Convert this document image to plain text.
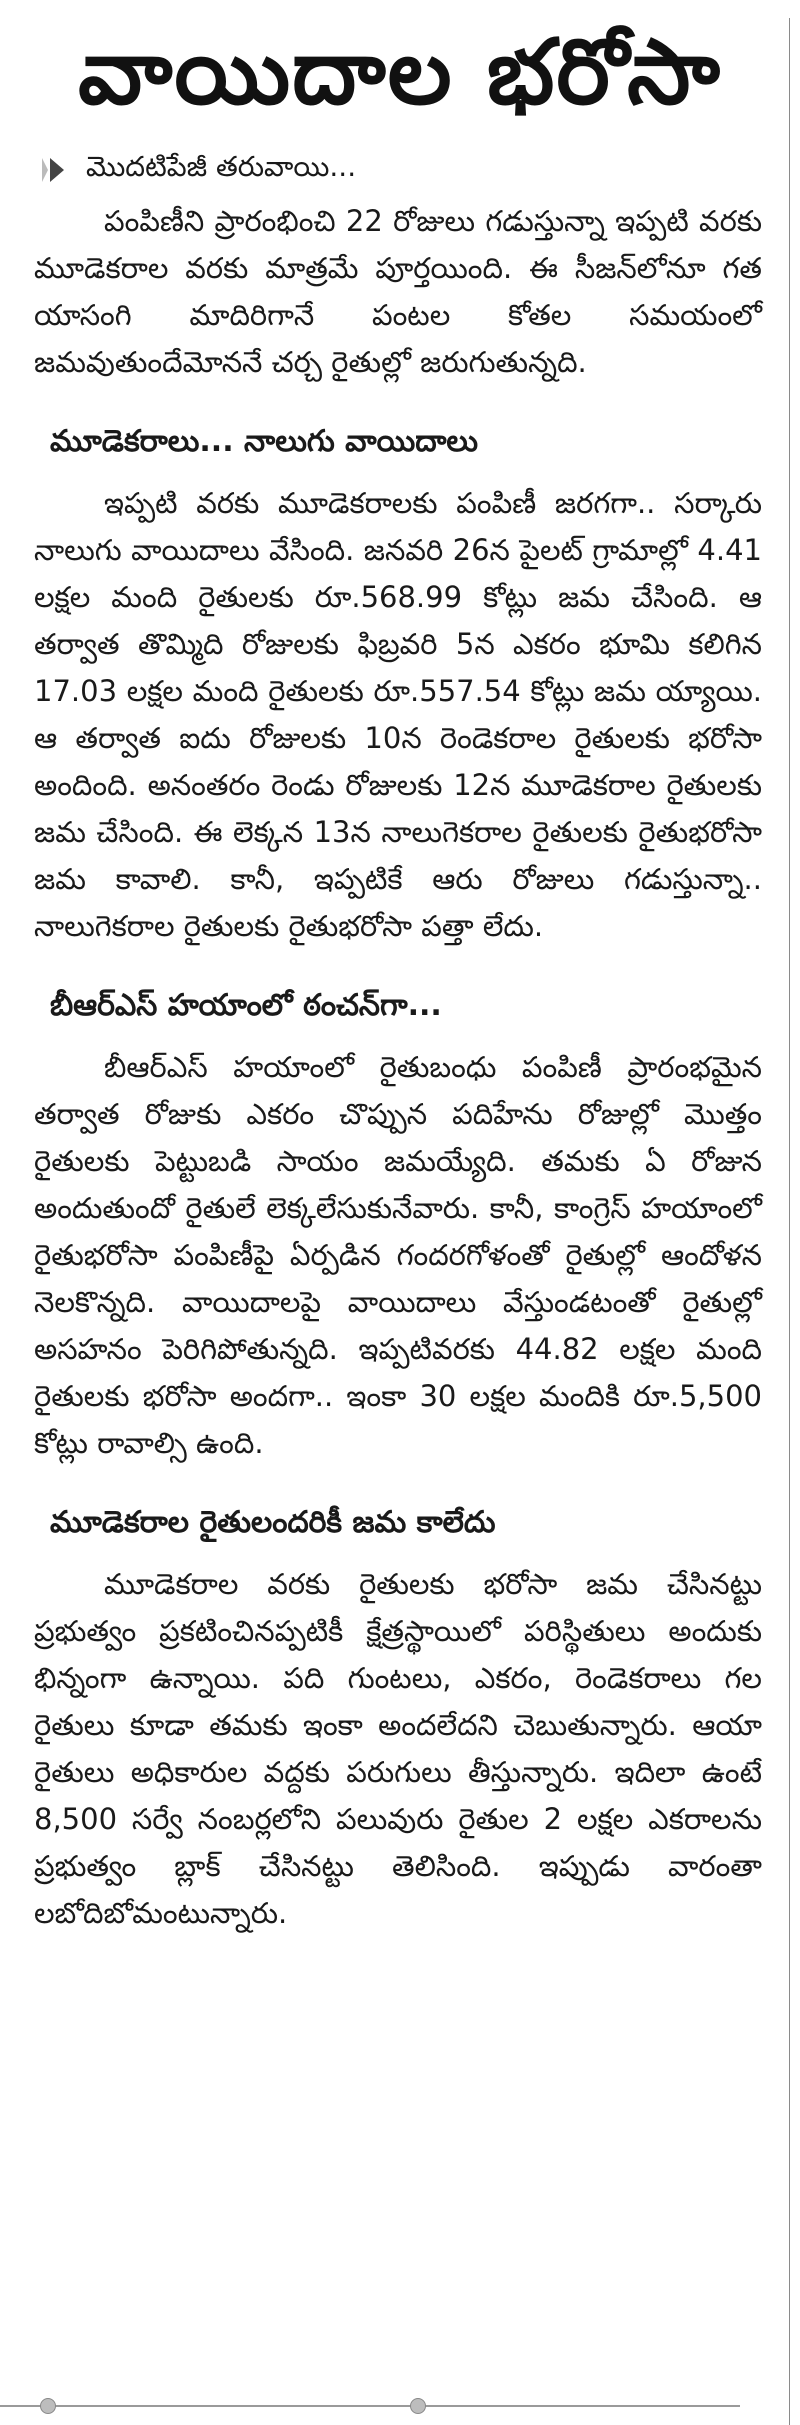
వాయిదాల భరోసా
మొదటిపేజీ తరువాయి...

పంపిణీని ప్రారంభించి 22 రోజులు గడుస్తున్నా ఇప్పటి వరకు మూడెకరాల వరకు మాత్రమే పూర్తయింది. ఈ సీజన్‌లోనూ గత యాసంగి మాదిరిగానే పంటల కోతల సమయంలో జమవుతుందేమోననే చర్చ రైతుల్లో జరుగుతున్నది.

మూడెకరాలు... నాలుగు వాయిదాలు

ఇప్పటి వరకు మూడెకరాలకు పంపిణీ జరగగా.. సర్కారు నాలుగు వాయిదాలు వేసింది. జనవరి 26న పైలట్ గ్రామాల్లో 4.41 లక్షల మంది రైతులకు రూ.568.99 కోట్లు జమ చేసింది. ఆ తర్వాత తొమ్మిది రోజులకు ఫిబ్రవరి 5న ఎకరం భూమి కలిగిన 17.03 లక్షల మంది రైతులకు రూ.557.54 కోట్లు జమ య్యాయి. ఆ తర్వాత ఐదు రోజులకు 10న రెండెకరాల రైతులకు భరోసా అందింది. అనంతరం రెండు రోజులకు 12న మూడెకరాల రైతులకు జమ చేసింది. ఈ లెక్కన 13న నాలుగెకరాల రైతులకు రైతుభరోసా జమ కావాలి. కానీ, ఇప్పటికే ఆరు రోజులు గడుస్తున్నా.. నాలుగెకరాల రైతులకు రైతుభరోసా పత్తా లేదు.

బీఆర్ఎస్ హయాంలో ఠంచన్‌గా...

బీఆర్ఎస్ హయాంలో రైతుబంధు పంపిణీ ప్రారంభమైన తర్వాత రోజుకు ఎకరం చొప్పున పదిహేను రోజుల్లో మొత్తం రైతులకు పెట్టుబడి సాయం జమయ్యేది. తమకు ఏ రోజున అందుతుందో రైతులే లెక్కలేసుకునేవారు. కానీ, కాంగ్రెస్ హయాంలో రైతుభరోసా పంపిణీపై ఏర్పడిన గందరగోళంతో రైతుల్లో ఆందోళన నెలకొన్నది. వాయిదాలపై వాయిదాలు వేస్తుండటంతో రైతుల్లో అసహనం పెరిగిపోతున్నది. ఇప్పటివరకు 44.82 లక్షల మంది రైతులకు భరోసా అందగా.. ఇంకా 30 లక్షల మందికి రూ.5,500 కోట్లు రావాల్సి ఉంది.

మూడెకరాల రైతులందరికీ జమ కాలేదు

మూడెకరాల వరకు రైతులకు భరోసా జమ చేసినట్టు ప్రభుత్వం ప్రకటించినప్పటికీ క్షేత్రస్థాయిలో పరిస్థితులు అందుకు భిన్నంగా ఉన్నాయి. పది గుంటలు, ఎకరం, రెండెకరాలు గల రైతులు కూడా తమకు ఇంకా అందలేదని చెబుతున్నారు. ఆయా రైతులు అధికారుల వద్దకు పరుగులు తీస్తున్నారు. ఇదిలా ఉంటే 8,500 సర్వే నంబర్లలోని పలువురు రైతుల 2 లక్షల ఎకరాలను ప్రభుత్వం బ్లాక్ చేసినట్టు తెలిసింది. ఇప్పుడు వారంతా లబోదిబోమంటున్నారు.
